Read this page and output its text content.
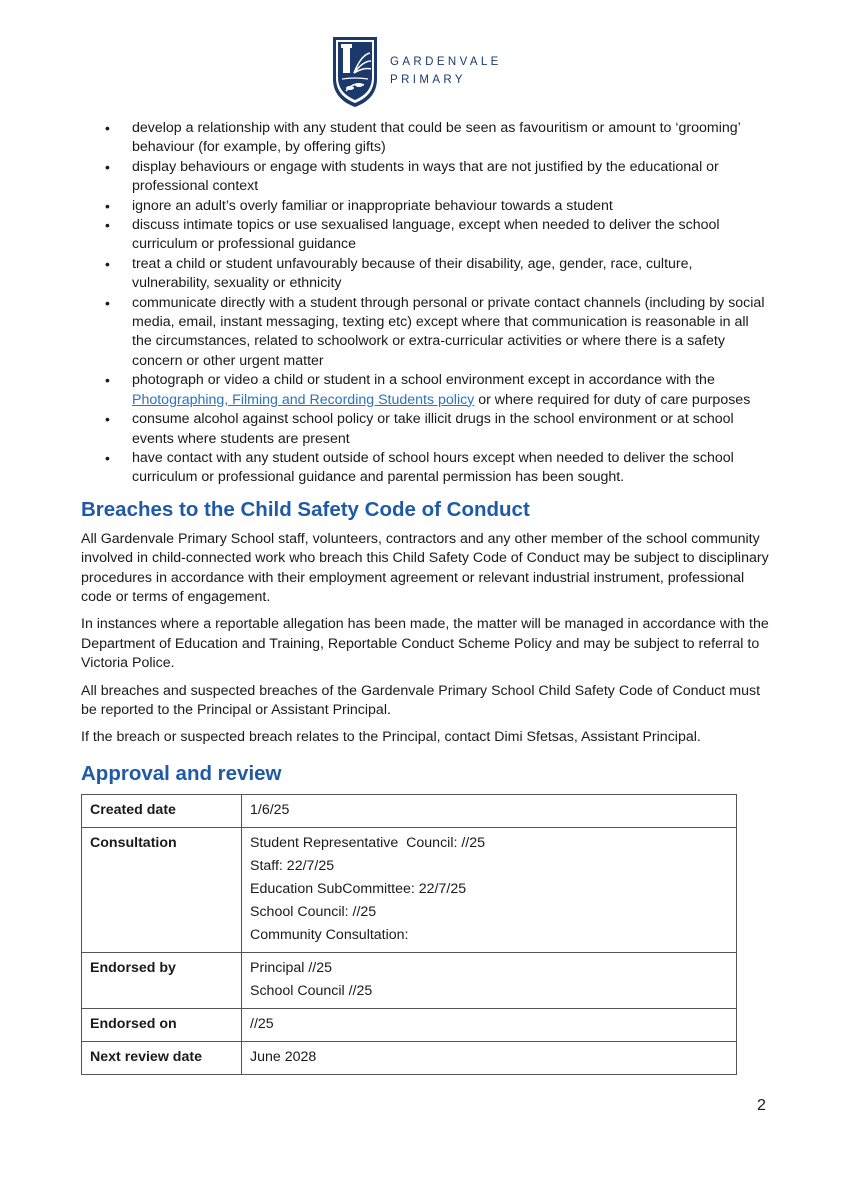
GARDENVALE
PRIMARY
• develop a relationship with any student that could be seen as favouritism or amount to ‘grooming’ behaviour (for example, by offering gifts)
• display behaviours or engage with students in ways that are not justified by the educational or professional context
• ignore an adult’s overly familiar or inappropriate behaviour towards a student
• discuss intimate topics or use sexualised language, except when needed to deliver the school curriculum or professional guidance
• treat a child or student unfavourably because of their disability, age, gender, race, culture, vulnerability, sexuality or ethnicity
• communicate directly with a student through personal or private contact channels (including by social media, email, instant messaging, texting etc) except where that communication is reasonable in all the circumstances, related to schoolwork or extra-curricular activities or where there is a safety concern or other urgent matter
• photograph or video a child or student in a school environment except in accordance with the Photographing, Filming and Recording Students policy or where required for duty of care purposes
• consume alcohol against school policy or take illicit drugs in the school environment or at school events where students are present
• have contact with any student outside of school hours except when needed to deliver the school curriculum or professional guidance and parental permission has been sought.
Breaches to the Child Safety Code of Conduct

All Gardenvale Primary School staff, volunteers, contractors and any other member of the school community involved in child-connected work who breach this Child Safety Code of Conduct may be subject to disciplinary procedures in accordance with their employment agreement or relevant industrial instrument, professional code or terms of engagement.

In instances where a reportable allegation has been made, the matter will be managed in accordance with the Department of Education and Training, Reportable Conduct Scheme Policy and may be subject to referral to Victoria Police.

All breaches and suspected breaches of the Gardenvale Primary School Child Safety Code of Conduct must be reported to the Principal or Assistant Principal.

If the breach or suspected breach relates to the Principal, contact Dimi Sfetsas, Assistant Principal.

Approval and review
Created date	1/6/25

Consultation	Student Representative  Council: //25
Staff: 22/7/25
Education SubCommittee: 22/7/25
School Council: //25
Community Consultation:

Endorsed by	Principal //25
School Council //25

Endorsed on	//25

Next review date	June 2028
2
